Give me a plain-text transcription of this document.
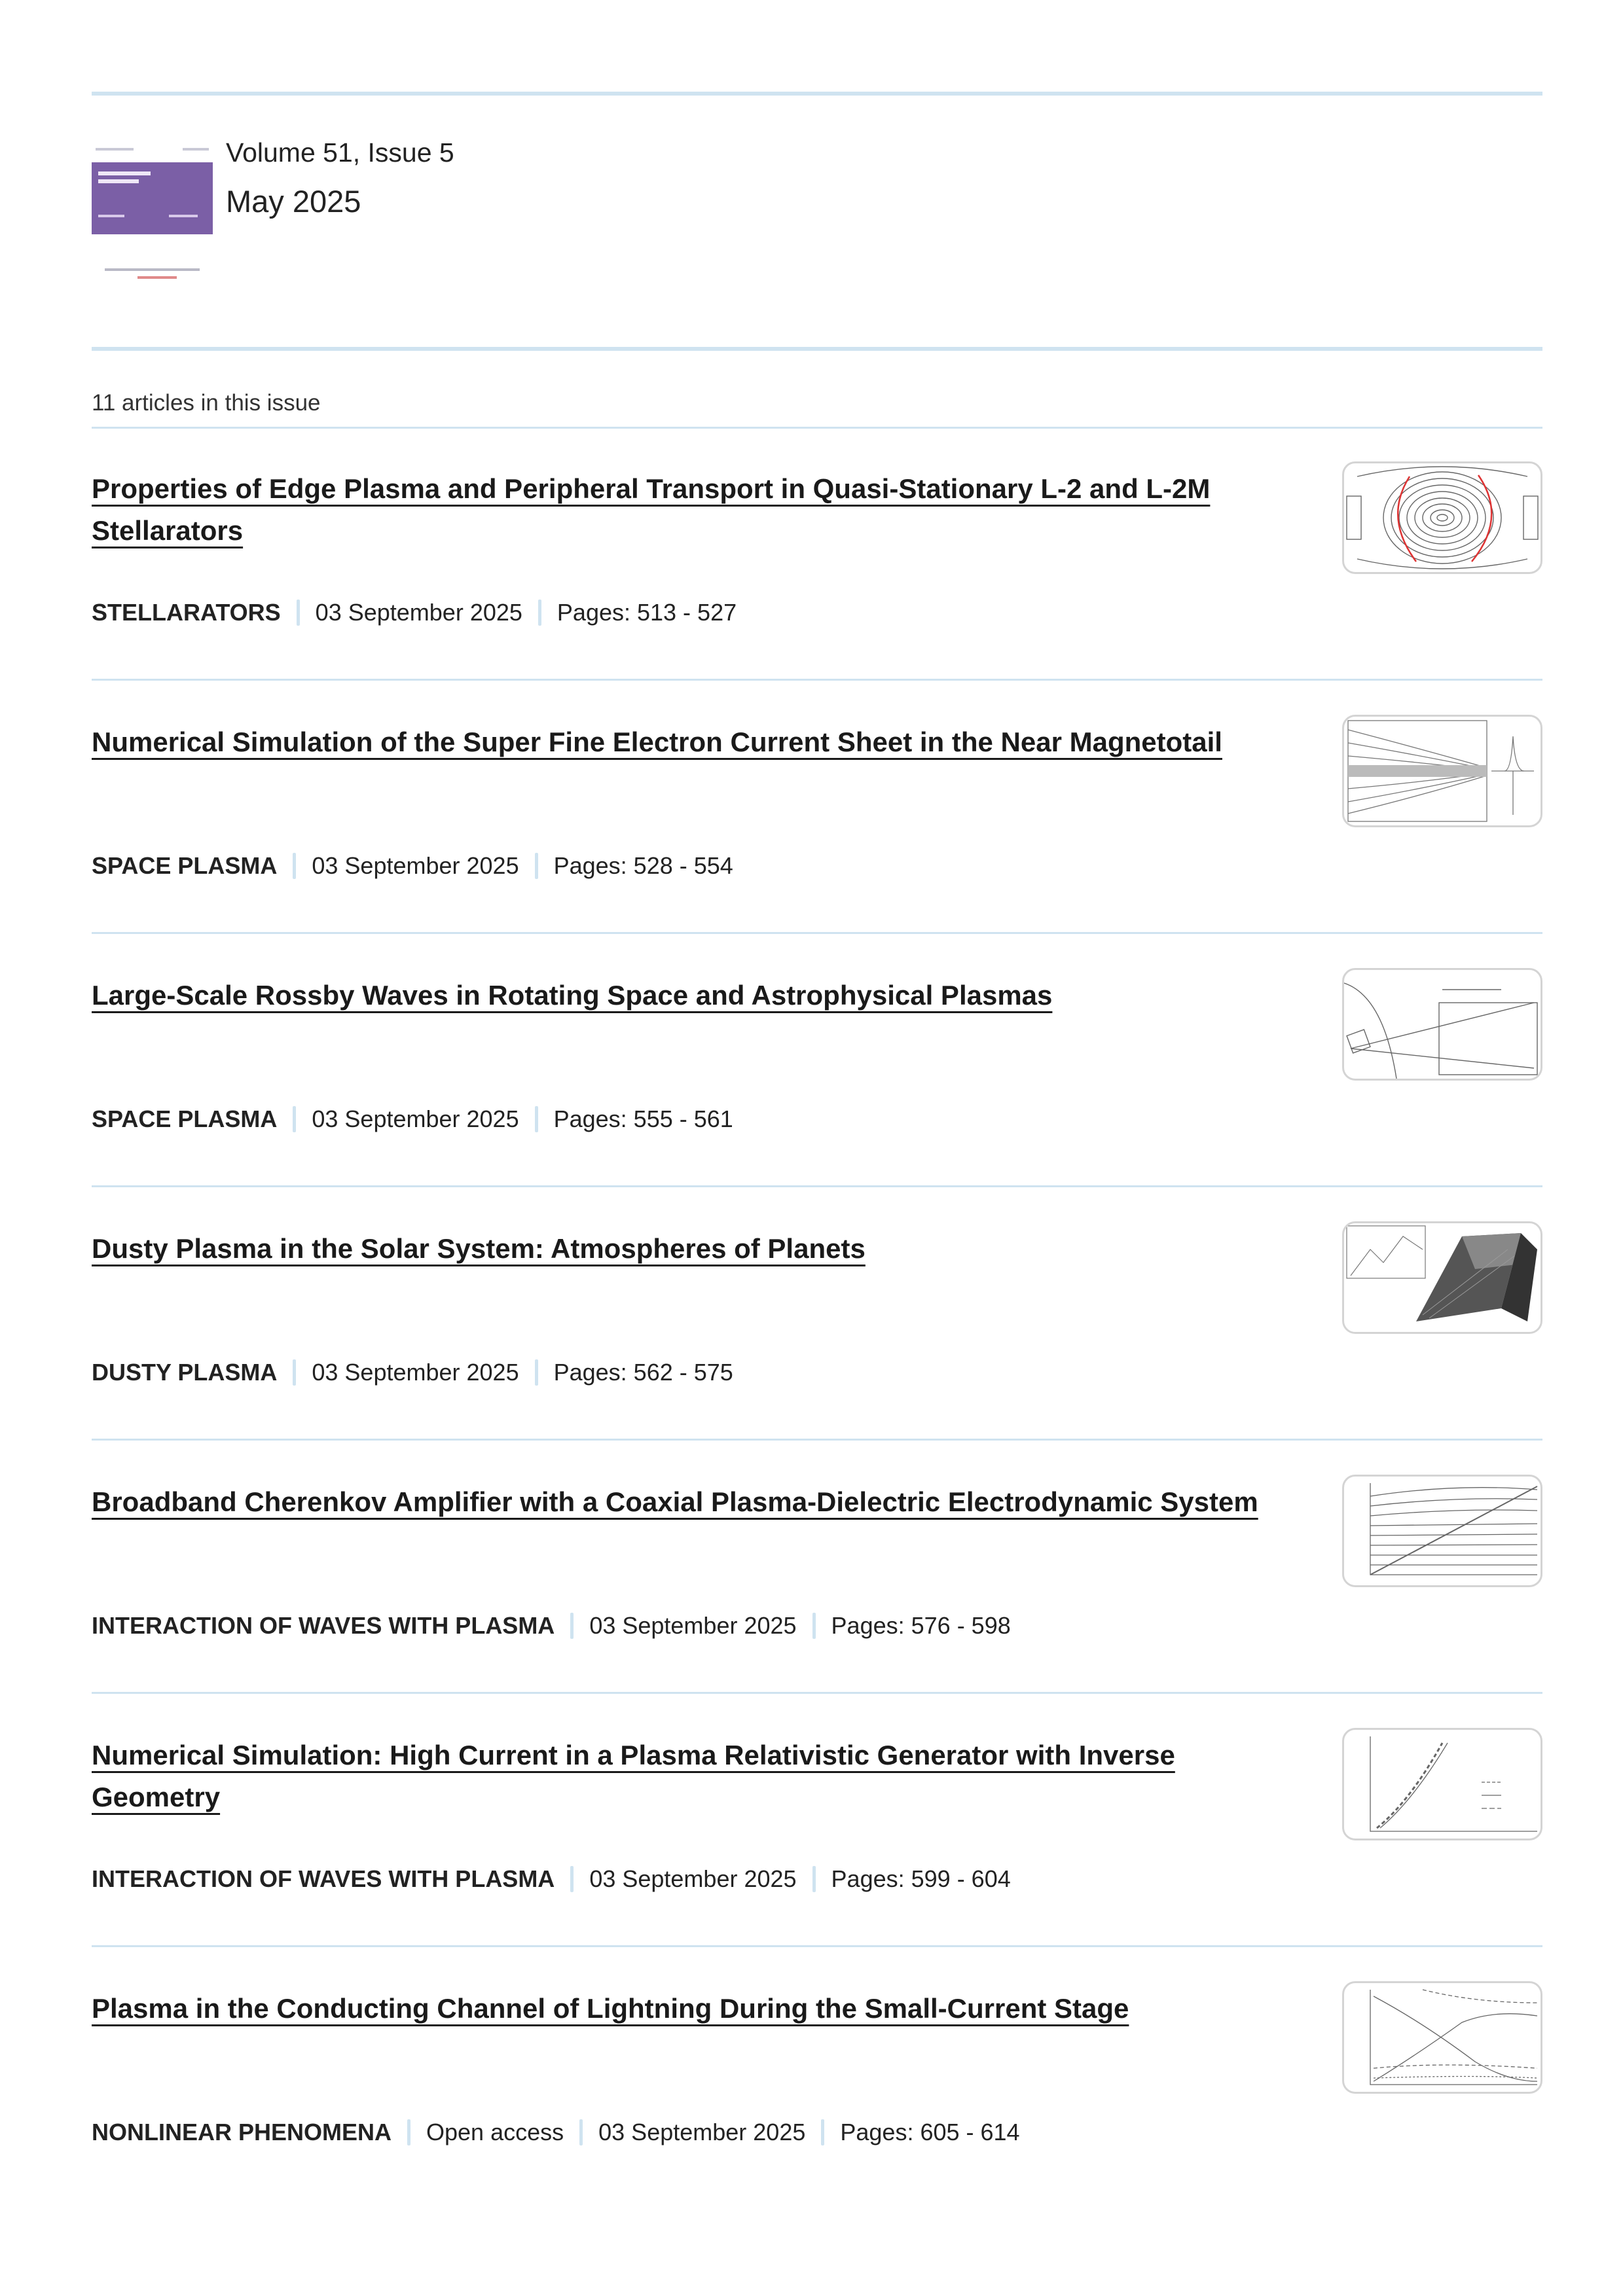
Volume 51, Issue 5
May 2025
11 articles in this issue
Properties of Edge Plasma and Peripheral Transport in Quasi-Stationary L-2 and L-2M Stellarators
STELLARATORS 03 September 2025 Pages: 513 - 527
Numerical Simulation of the Super Fine Electron Current Sheet in the Near Magnetotail
SPACE PLASMA 03 September 2025 Pages: 528 - 554
Large-Scale Rossby Waves in Rotating Space and Astrophysical Plasmas
SPACE PLASMA 03 September 2025 Pages: 555 - 561
Dusty Plasma in the Solar System: Atmospheres of Planets
DUSTY PLASMA 03 September 2025 Pages: 562 - 575
Broadband Cherenkov Amplifier with a Coaxial Plasma-Dielectric Electrodynamic System
INTERACTION OF WAVES WITH PLASMA 03 September 2025 Pages: 576 - 598
Numerical Simulation: High Current in a Plasma Relativistic Generator with Inverse Geometry
INTERACTION OF WAVES WITH PLASMA 03 September 2025 Pages: 599 - 604
Plasma in the Conducting Channel of Lightning During the Small-Current Stage
NONLINEAR PHENOMENA Open access 03 September 2025 Pages: 605 - 614
